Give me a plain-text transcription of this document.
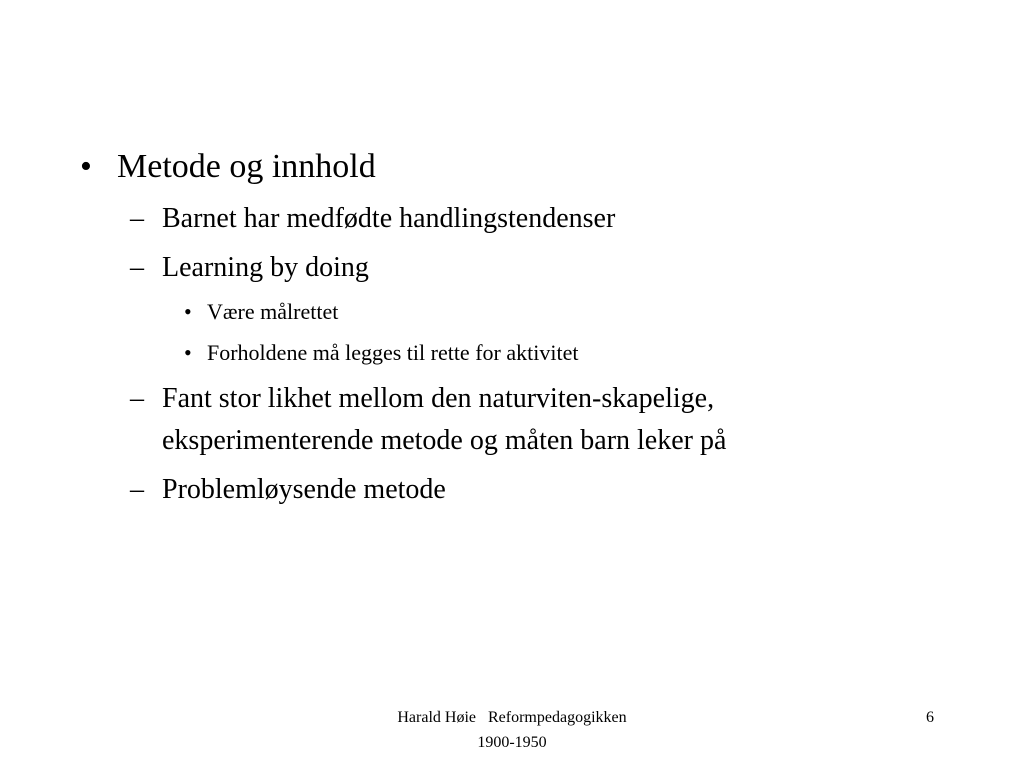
• Metode og innhold
– Barnet har medfødte handlingstendenser
– Learning by doing
• Være målrettet
• Forholdene må legges til rette for aktivitet
– Fant stor likhet mellom den naturviten-skapelige,
eksperimenterende metode og måten barn leker på
– Problemløysende metode
Harald Høie   Reformpedagogikken
1900-1950
6
